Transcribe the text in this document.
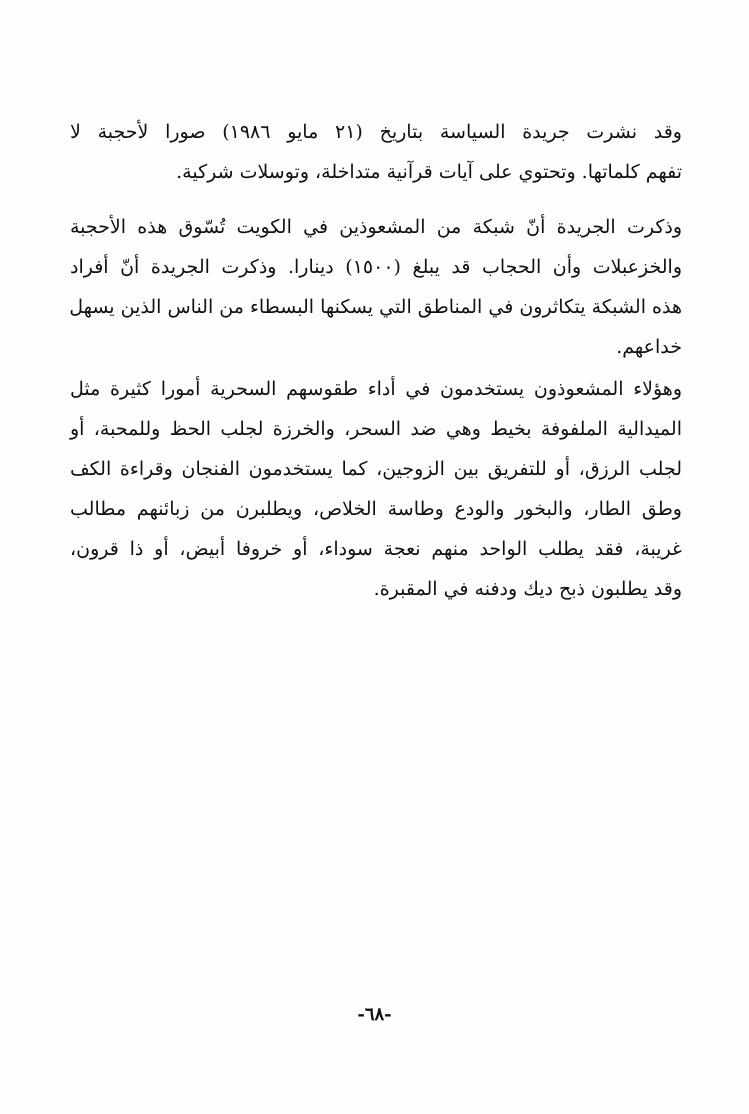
وقد نشرت جريدة السياسة بتاريخ (٢١ مايو ١٩٨٦) صورا لأحجبة لا
تفهم كلماتها. وتحتوي على آيات قرآنية متداخلة، وتوسلات شركية.
وذكرت الجريدة أنّ شبكة من المشعوذين في الكويت تُسّوق هذه الأحجبة
والخزعبلات وأن الحجاب قد يبلغ (١٥٠٠) دينارا. وذكرت الجريدة أنّ أفراد
هذه الشبكة يتكاثرون في المناطق التي يسكنها البسطاء من الناس الذين يسهل
خداعهم.
وهؤلاء المشعوذون يستخدمون في أداء طقوسهم السحرية أمورا كثيرة مثل
الميدالية الملفوفة بخيط وهي ضد السحر، والخرزة لجلب الحظ وللمحبة، أو
لجلب الرزق، أو للتفريق بين الزوجين، كما يستخدمون الفنجان وقراءة الكف
وطق الطار، والبخور والودع وطاسة الخلاص، ويطلبرن من زبائنهم مطالب
غريبة، فقد يطلب الواحد منهم نعجة سوداء، أو خروفا أبيض، أو ذا قرون،
وقد يطلبون ذبح ديك ودفنه في المقبرة.
-٦٨-
